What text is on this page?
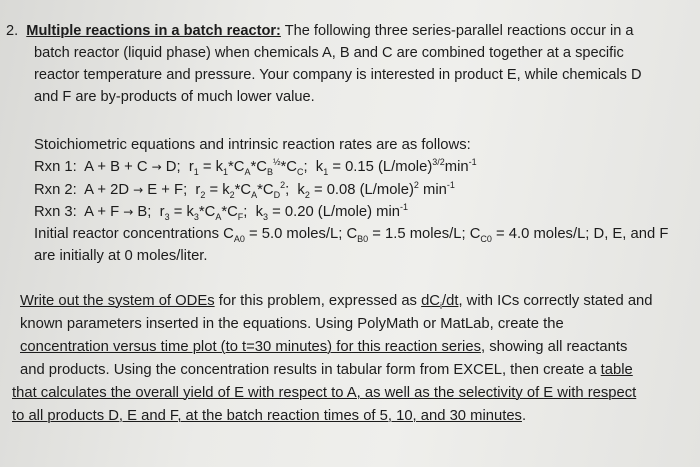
2. Multiple reactions in a batch reactor: The following three series-parallel reactions occur in a
batch reactor (liquid phase) when chemicals A, B and C are combined together at a specific
reactor temperature and pressure. Your company is interested in product E, while chemicals D
and F are by-products of much lower value.
Stoichiometric equations and intrinsic reaction rates are as follows:
Rxn 1:  A + B + C → D;  $r_1 = k_1*C_A*C_B^{\frac{1}{2}}*C_C$;  $k_1 = 0.15$ $(L/mole)^{3/2}\min^{-1}$
Rxn 2:  A + 2D → E + F;  $r_2 = k_2*C_A*C_D^2$;  $k_2 = 0.08$ (L/mole)$^2$ $\min^{-1}$
Rxn 3:  A + F → B;  $r_3 = k_3*C_A*C_F$;  $k_3 = 0.20$ (L/mole) $\min^{-1}$
Initial reactor concentrations $C_{A0} = 5.0$ moles/L; $C_{B0} = 1.5$ moles/L; $C_{C0} = 4.0$ moles/L; D, E, and F
are initially at 0 moles/liter.
Write out the system of ODEs for this problem, expressed as $dC_i/dt$, with ICs correctly stated and
known parameters inserted in the equations. Using PolyMath or MatLab, create the
concentration versus time plot (to t=30 minutes) for this reaction series, showing all reactants
and products. Using the concentration results in tabular form from EXCEL, then create a table
that calculates the overall yield of E with respect to A, as well as the selectivity of E with respect
to all products D, E and F, at the batch reaction times of 5, 10, and 30 minutes.
